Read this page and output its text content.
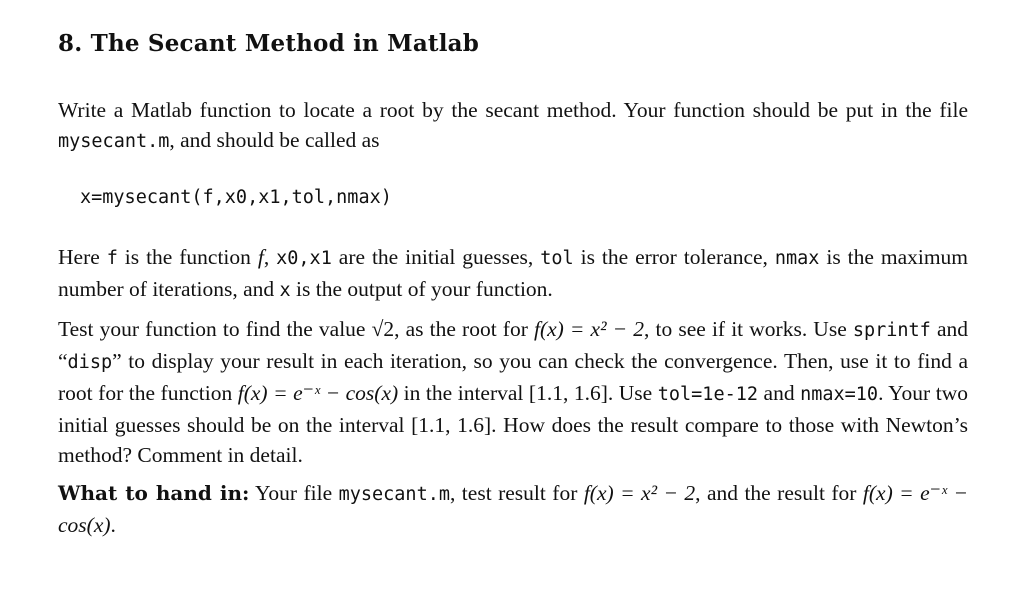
8. The Secant Method in Matlab

Write a Matlab function to locate a root by the secant method. Your function should be put in the file mysecant.m, and should be called as

x=mysecant(f,x0,x1,tol,nmax)

Here f is the function f, x0,x1 are the initial guesses, tol is the error tolerance, nmax is the maximum number of iterations, and x is the output of your function.

Test your function to find the value √2, as the root for f(x) = x² − 2, to see if it works. Use sprintf and “disp” to display your result in each iteration, so you can check the convergence. Then, use it to find a root for the function f(x) = e⁻ˣ − cos(x) in the interval [1.1, 1.6]. Use tol=1e-12 and nmax=10. Your two initial guesses should be on the interval [1.1, 1.6]. How does the result compare to those with Newton’s method? Comment in detail.

What to hand in: Your file mysecant.m, test result for f(x) = x² − 2, and the result for f(x) = e⁻ˣ − cos(x).
